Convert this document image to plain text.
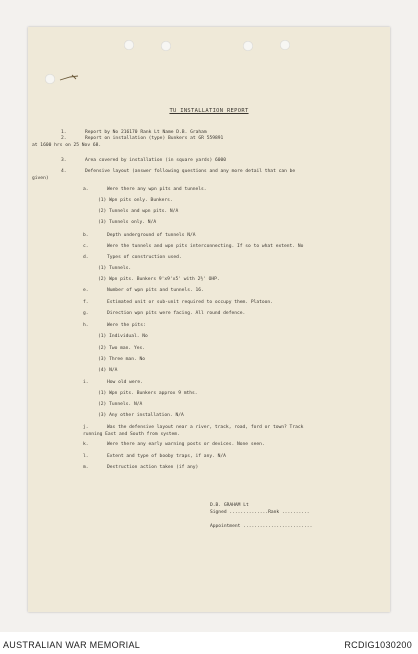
TU INSTALLATION REPORT
1.	Report by No 216170 Rank Lt Name D.B. Graham
2.	Report on installation (type) Bunkers at GR 559891
at 1600 hrs on 25 Nov 68.
3.	Area covered by installation (in square yards) 6000
4.	Defensive layout (answer following questions and any more detail that can be
given)
a.	Were there any wpn pits and tunnels.
(1) Wpn pits only. Bunkers.
(2) Tunnels and wpn pits. N/A
(3) Tunnels only. N/A
b.	Depth underground of tunnels N/A
c.	Were the tunnels and wpn pits interconnecting. If so to what extent. No
d.	Types of construction used.
(1) Tunnels.
(2) Wpn pits. Bunkers 9'x9'x5' with 2½' OHP.
e.	Number of wpn pits and tunnels. 16.
f.	Estimated unit or sub-unit required to occupy them. Platoon.
g.	Direction wpn pits were facing. All round defence.
h.	Were the pits:
(1) Individual. No
(2) Two man. Yes.
(3) Three man. No
(4) N/A
i.	How old were.
(1) Wpn pits. Bunkers approx 9 mths.
(2) Tunnels. N/A
(3) Any other installation. N/A
j.	Was the defensive layout near a river, track, road, ford or town? Track
running East and South from system.
k.	Were there any early warning posts or devices. None seen.
l.	Extent and type of booby traps, if any. N/A
m.	Destruction action taken (if any)
D.B. GRAHAM Lt
Signed ..............Rank ..........
Appointment .........................
AUSTRALIAN WAR MEMORIAL	RCDIG1030200
